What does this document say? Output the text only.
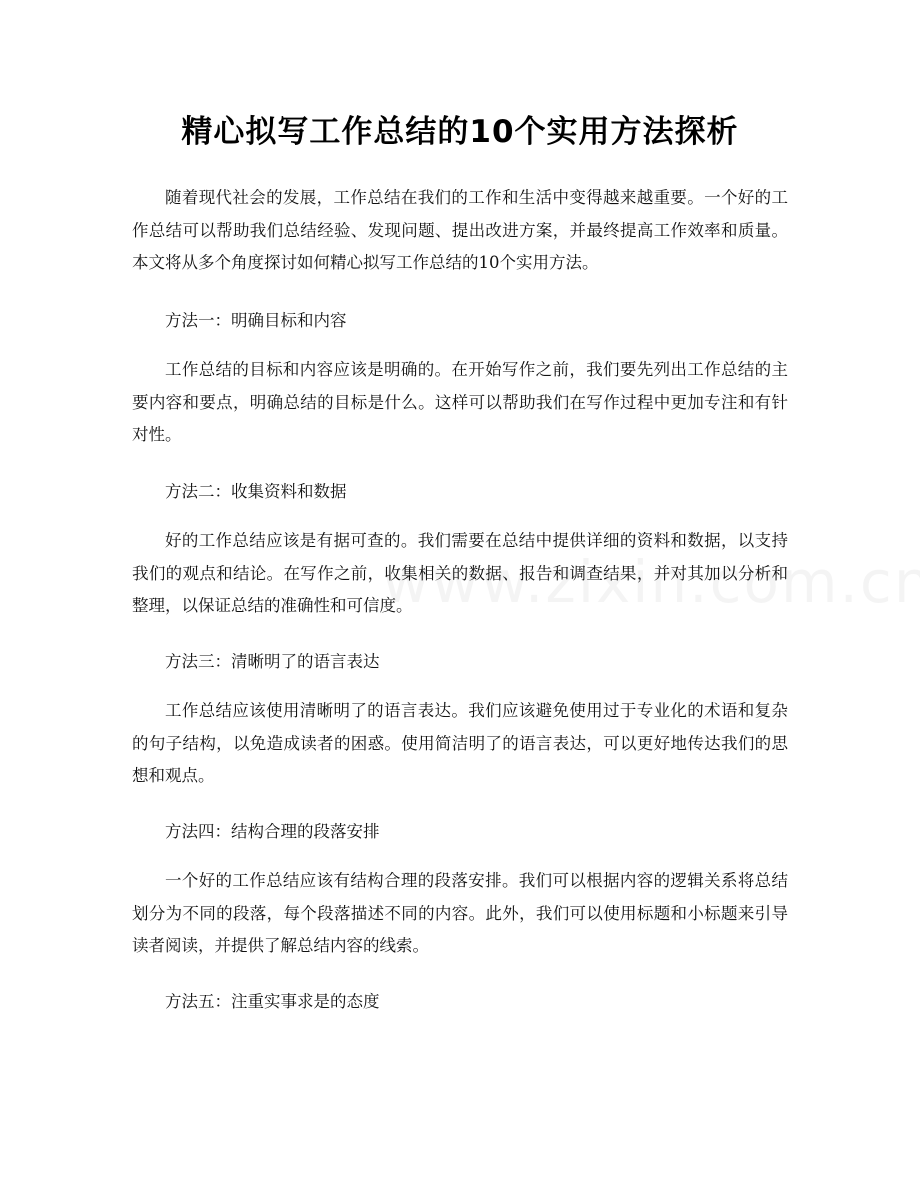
精心拟写工作总结的10个实用方法探析

随着现代社会的发展，工作总结在我们的工作和生活中变得越来越重要。一个好的工作总结可以帮助我们总结经验、发现问题、提出改进方案，并最终提高工作效率和质量。本文将从多个角度探讨如何精心拟写工作总结的10个实用方法。

方法一：明确目标和内容

工作总结的目标和内容应该是明确的。在开始写作之前，我们要先列出工作总结的主要内容和要点，明确总结的目标是什么。这样可以帮助我们在写作过程中更加专注和有针对性。

方法二：收集资料和数据

好的工作总结应该是有据可查的。我们需要在总结中提供详细的资料和数据，以支持我们的观点和结论。在写作之前，收集相关的数据、报告和调查结果，并对其加以分析和整理，以保证总结的准确性和可信度。

方法三：清晰明了的语言表达

工作总结应该使用清晰明了的语言表达。我们应该避免使用过于专业化的术语和复杂的句子结构，以免造成读者的困惑。使用简洁明了的语言表达，可以更好地传达我们的思想和观点。

方法四：结构合理的段落安排

一个好的工作总结应该有结构合理的段落安排。我们可以根据内容的逻辑关系将总结划分为不同的段落，每个段落描述不同的内容。此外，我们可以使用标题和小标题来引导读者阅读，并提供了解总结内容的线索。

方法五：注重实事求是的态度
